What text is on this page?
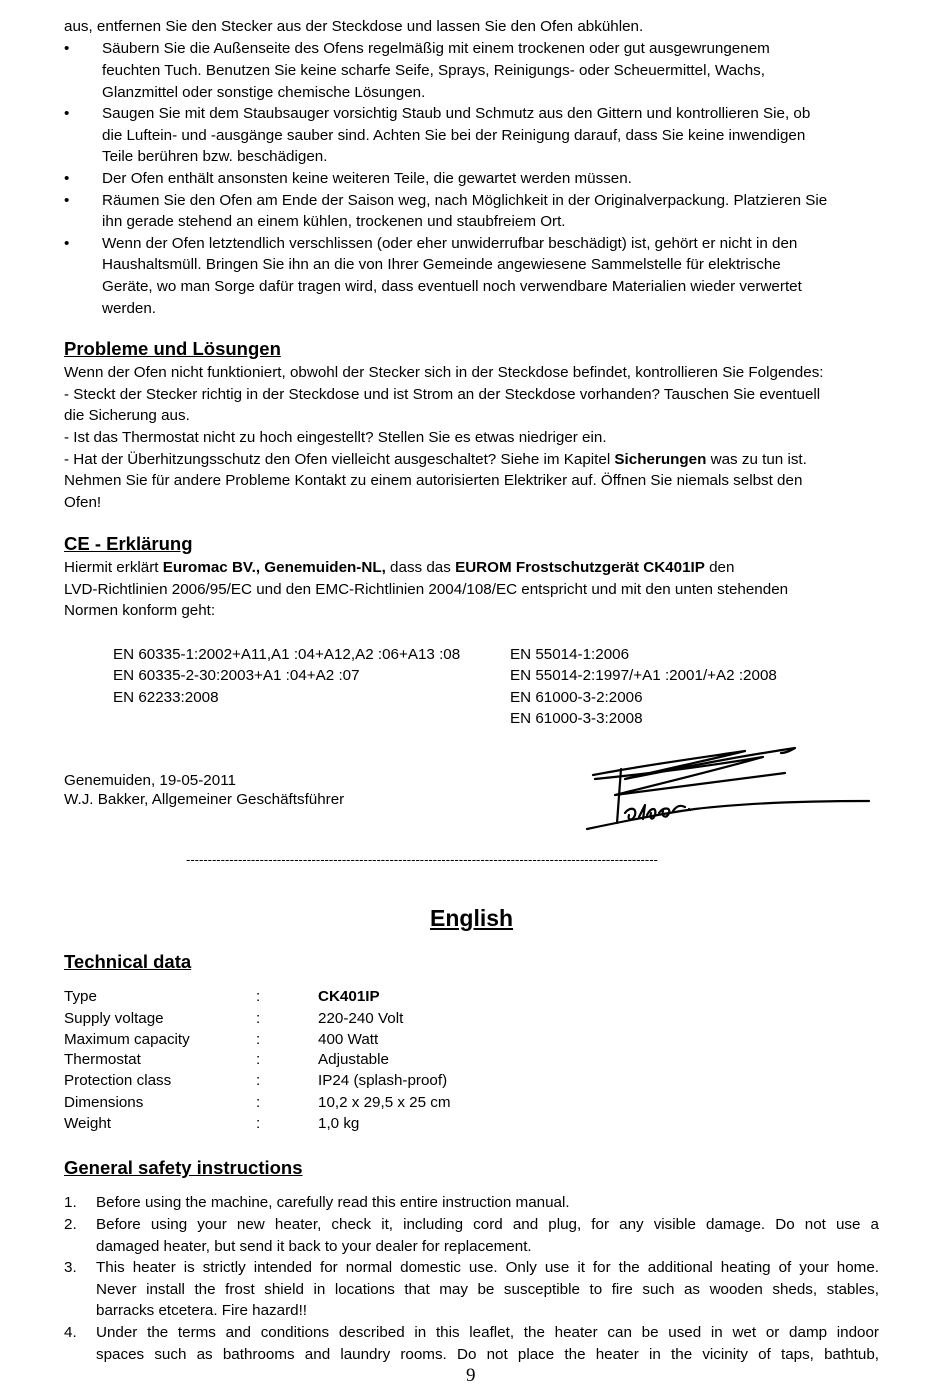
aus, entfernen Sie den Stecker aus der Steckdose und lassen Sie den Ofen abkühlen.
• Säubern Sie die Außenseite des Ofens regelmäßig mit einem trockenen oder gut ausgewrungenem
feuchten Tuch. Benutzen Sie keine scharfe Seife, Sprays, Reinigungs- oder Scheuermittel, Wachs,
Glanzmittel oder sonstige chemische Lösungen.
• Saugen Sie mit dem Staubsauger vorsichtig Staub und Schmutz aus den Gittern und kontrollieren Sie, ob
die Luftein- und -ausgänge sauber sind. Achten Sie bei der Reinigung darauf, dass Sie keine inwendigen
Teile berühren bzw. beschädigen.
• Der Ofen enthält ansonsten keine weiteren Teile, die gewartet werden müssen.
• Räumen Sie den Ofen am Ende der Saison weg, nach Möglichkeit in der Originalverpackung. Platzieren Sie
ihn gerade stehend an einem kühlen, trockenen und staubfreiem Ort.
• Wenn der Ofen letztendlich verschlissen (oder eher unwiderrufbar beschädigt) ist, gehört er nicht in den
Haushaltsmüll. Bringen Sie ihn an die von Ihrer Gemeinde angewiesene Sammelstelle für elektrische
Geräte, wo man Sorge dafür tragen wird, dass eventuell noch verwendbare Materialien wieder verwertet
werden.
Probleme und Lösungen
Wenn der Ofen nicht funktioniert, obwohl der Stecker sich in der Steckdose befindet, kontrollieren Sie Folgendes:
- Steckt der Stecker richtig in der Steckdose und ist Strom an der Steckdose vorhanden? Tauschen Sie eventuell
die Sicherung aus.
- Ist das Thermostat nicht zu hoch eingestellt? Stellen Sie es etwas niedriger ein.
- Hat der Überhitzungsschutz den Ofen vielleicht ausgeschaltet? Siehe im Kapitel Sicherungen was zu tun ist.
Nehmen Sie für andere Probleme Kontakt zu einem autorisierten Elektriker auf. Öffnen Sie niemals selbst den
Ofen!
CE - Erklärung
Hiermit erklärt Euromac BV., Genemuiden-NL, dass das EUROM Frostschutzgerät CK401IP den
LVD-Richtlinien 2006/95/EC und den EMC-Richtlinien 2004/108/EC entspricht und mit den unten stehenden
Normen konform geht:
EN 60335-1:2002+A11,A1 :04+A12,A2 :06+A13 :08
EN 60335-2-30:2003+A1 :04+A2 :07
EN 62233:2008
EN 55014-1:2006
EN 55014-2:1997/+A1 :2001/+A2 :2008
EN 61000-3-2:2006
EN 61000-3-3:2008
Genemuiden, 19-05-2011
W.J. Bakker, Allgemeiner Geschäftsführer
-------------------------------------------------------------------------------------------------------------
English
Technical data
Type	:	CK401IP
Supply voltage	:	220-240 Volt
Maximum capacity	:	400 Watt
Thermostat	:	Adjustable
Protection class	:	IP24 (splash-proof)
Dimensions	:	10,2 x 29,5 x 25 cm
Weight	:	1,0 kg
General safety instructions
1. Before using the machine, carefully read this entire instruction manual.
2. Before using your new heater, check it, including cord and plug, for any visible damage. Do not use a
damaged heater, but send it back to your dealer for replacement.
3. This heater is strictly intended for normal domestic use. Only use it for the additional heating of your home.
Never install the frost shield in locations that may be susceptible to fire such as wooden sheds, stables,
barracks etcetera. Fire hazard!!
4. Under the terms and conditions described in this leaflet, the heater can be used in wet or damp indoor
spaces such as bathrooms and laundry rooms. Do not place the heater in the vicinity of taps, bathtub,
9
